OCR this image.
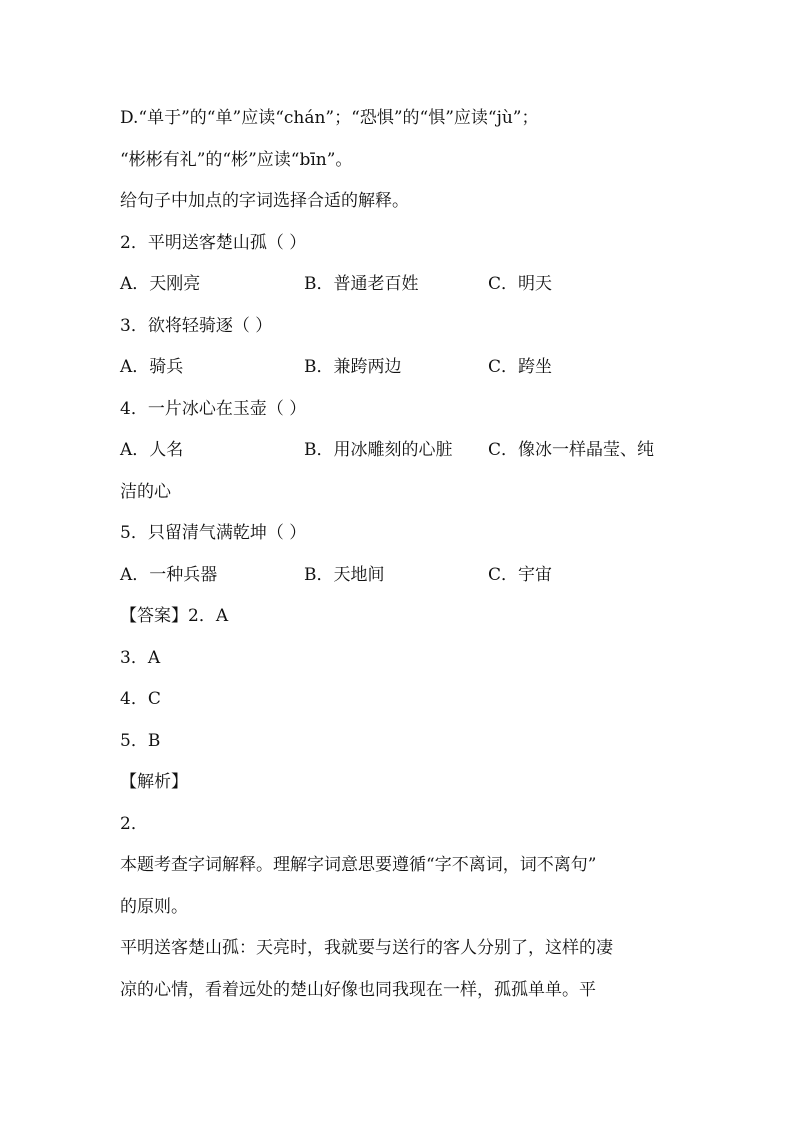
D.“单于”的“单”应读“chán”；“恐惧”的“惧”应读“jù”；
“彬彬有礼”的“彬”应读“bīn”。
给句子中加点的字词选择合适的解释。
2．平明送客楚山孤（ ）
A．天刚亮	B．普通老百姓	C．明天
3．欲将轻骑逐（ ）
A．骑兵	B．兼跨两边	C．跨坐
4．一片冰心在玉壶（ ）
A．人名	B．用冰雕刻的心脏 C．像冰一样晶莹、纯
洁的心
5．只留清气满乾坤（ ）
A．一种兵器	B．天地间	C．宇宙
【答案】2．A
3．A
4．C
5．B
【解析】
2．
本题考查字词解释。理解字词意思要遵循“字不离词，词不离句”
的原则。
平明送客楚山孤：天亮时，我就要与送行的客人分别了，这样的凄
凉的心情，看着远处的楚山好像也同我现在一样，孤孤单单。平
